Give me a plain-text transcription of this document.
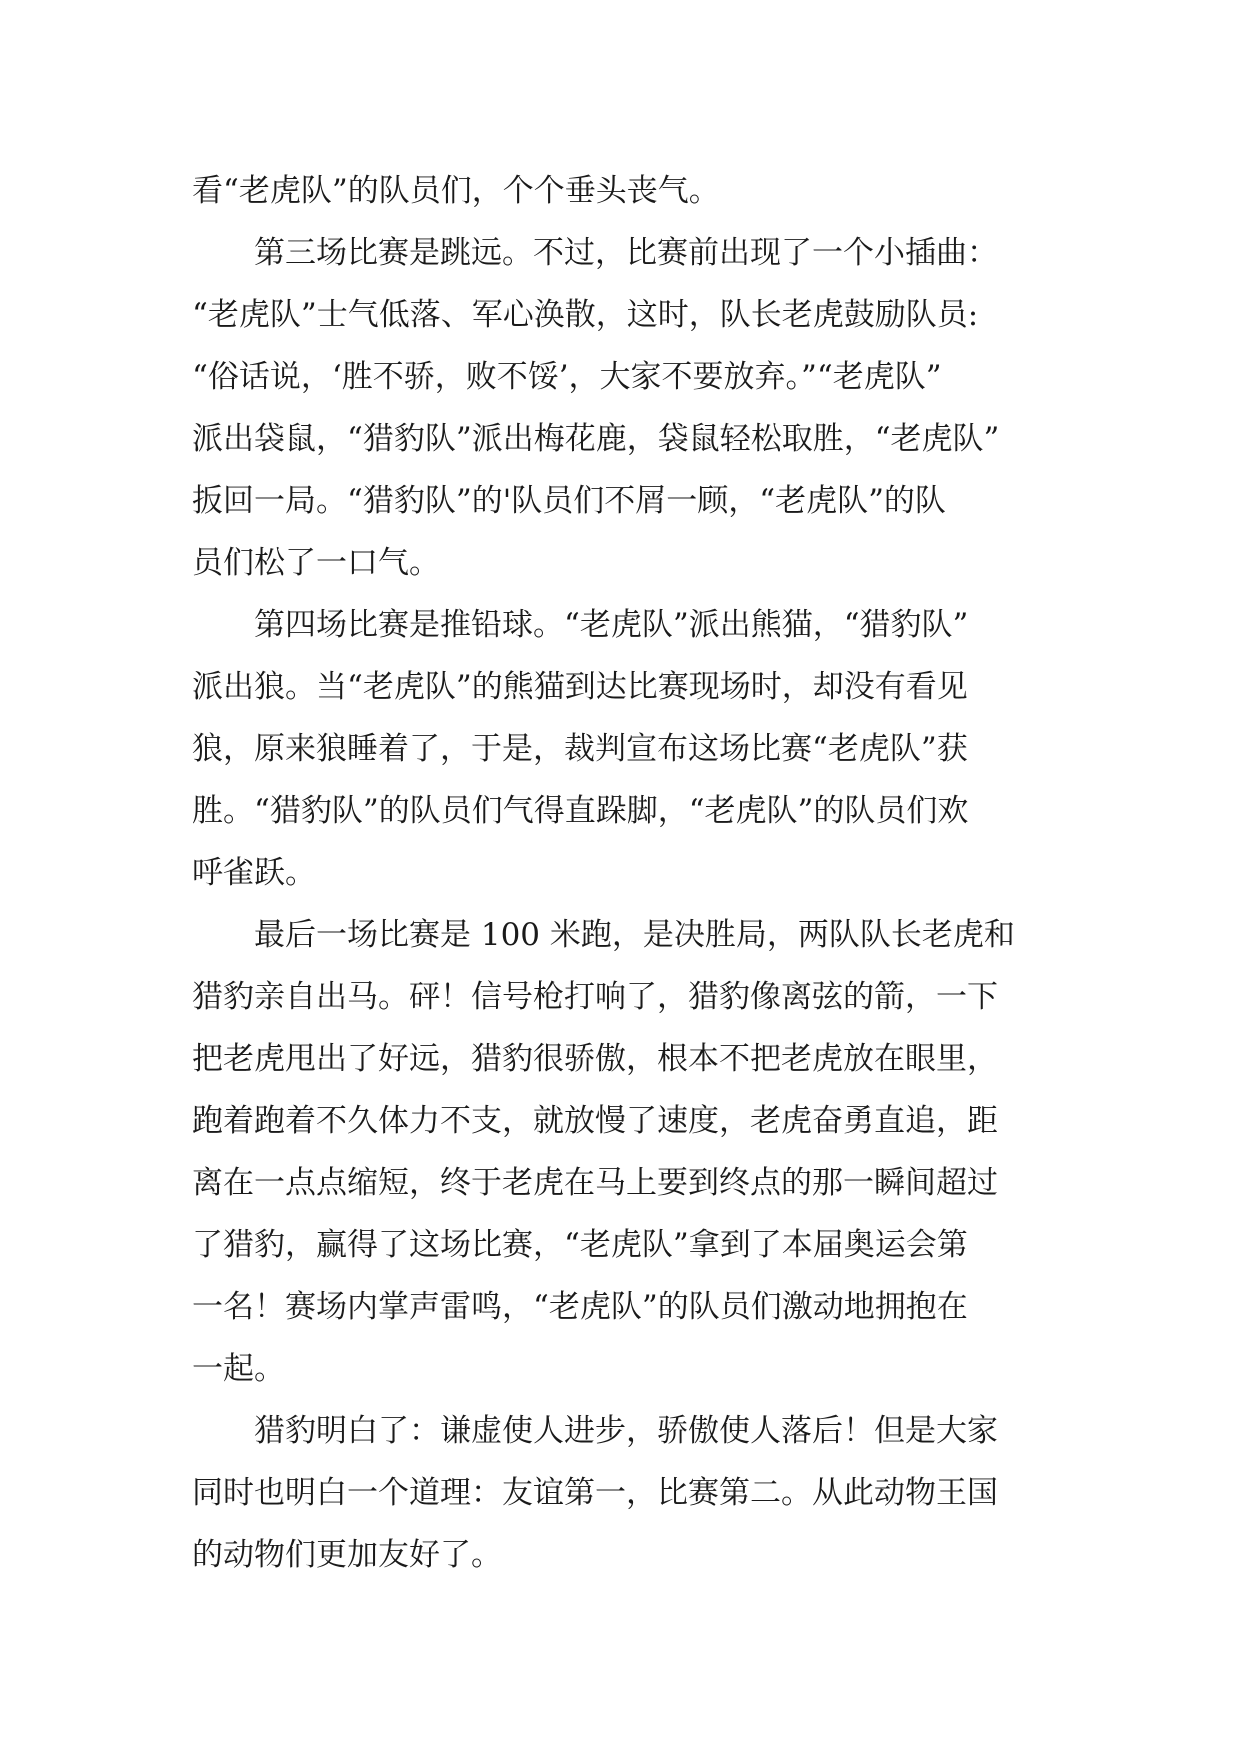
看“老虎队”的队员们，个个垂头丧气。
第三场比赛是跳远。不过，比赛前出现了一个小插曲：
“老虎队”士气低落、军心涣散，这时，队长老虎鼓励队员:
“俗话说，‘胜不骄，败不馁’，大家不要放弃。”“老虎队”
派出袋鼠，“猎豹队”派出梅花鹿，袋鼠轻松取胜，“老虎队”
扳回一局。“猎豹队”的'队员们不屑一顾，“老虎队”的队
员们松了一口气。
第四场比赛是推铅球。“老虎队”派出熊猫，“猎豹队”
派出狼。当“老虎队”的熊猫到达比赛现场时，却没有看见
狼，原来狼睡着了，于是，裁判宣布这场比赛“老虎队”获
胜。“猎豹队”的队员们气得直跺脚，“老虎队”的队员们欢
呼雀跃。
最后一场比赛是 100 米跑，是决胜局，两队队长老虎和
猎豹亲自出马。砰！信号枪打响了，猎豹像离弦的箭，一下
把老虎甩出了好远，猎豹很骄傲，根本不把老虎放在眼里，
跑着跑着不久体力不支，就放慢了速度，老虎奋勇直追，距
离在一点点缩短，终于老虎在马上要到终点的那一瞬间超过
了猎豹，赢得了这场比赛，“老虎队”拿到了本届奥运会第
一名！赛场内掌声雷鸣，“老虎队”的队员们激动地拥抱在
一起。
猎豹明白了：谦虚使人进步，骄傲使人落后！但是大家
同时也明白一个道理：友谊第一，比赛第二。从此动物王国
的动物们更加友好了。
